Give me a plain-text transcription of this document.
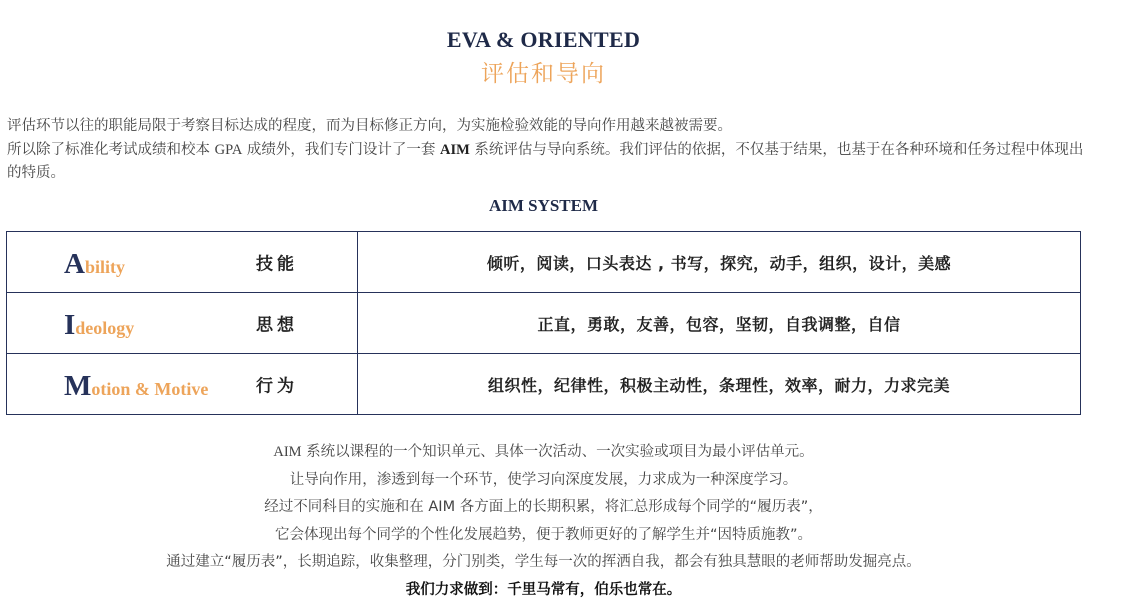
EVA & ORIENTED
评估和导向

评估环节以往的职能局限于考察目标达成的程度，而为目标修正方向，为实施检验效能的导向作用越来越被需要。

所以除了标准化考试成绩和校本 GPA 成绩外，我们专门设计了一套 AIM 系统评估与导向系统。我们评估的依据，不仅基于结果，也基于在各种环境和任务过程中体现出的特质。

AIM SYSTEM
Ability 技能	倾听，阅读，口头表达 , 书写，探究，动手，组织，设计，美感

Ideology 思想	正直，勇敢，友善，包容，坚韧，自我调整，自信

Motion & Motive 行为	组织性，纪律性，积极主动性，条理性，效率，耐力，力求完美

AIM 系统以课程的一个知识单元、具体一次活动、一次实验或项目为最小评估单元。

让导向作用，渗透到每一个环节，使学习向深度发展，力求成为一种深度学习。

经过不同科目的实施和在 AIM 各方面上的长期积累，将汇总形成每个同学的“履历表”，

它会体现出每个同学的个性化发展趋势，便于教师更好的了解学生并“因特质施教”。

通过建立“履历表”，长期追踪，收集整理，分门别类，学生每一次的挥洒自我，都会有独具慧眼的老师帮助发掘亮点。

我们力求做到：千里马常有，伯乐也常在。
